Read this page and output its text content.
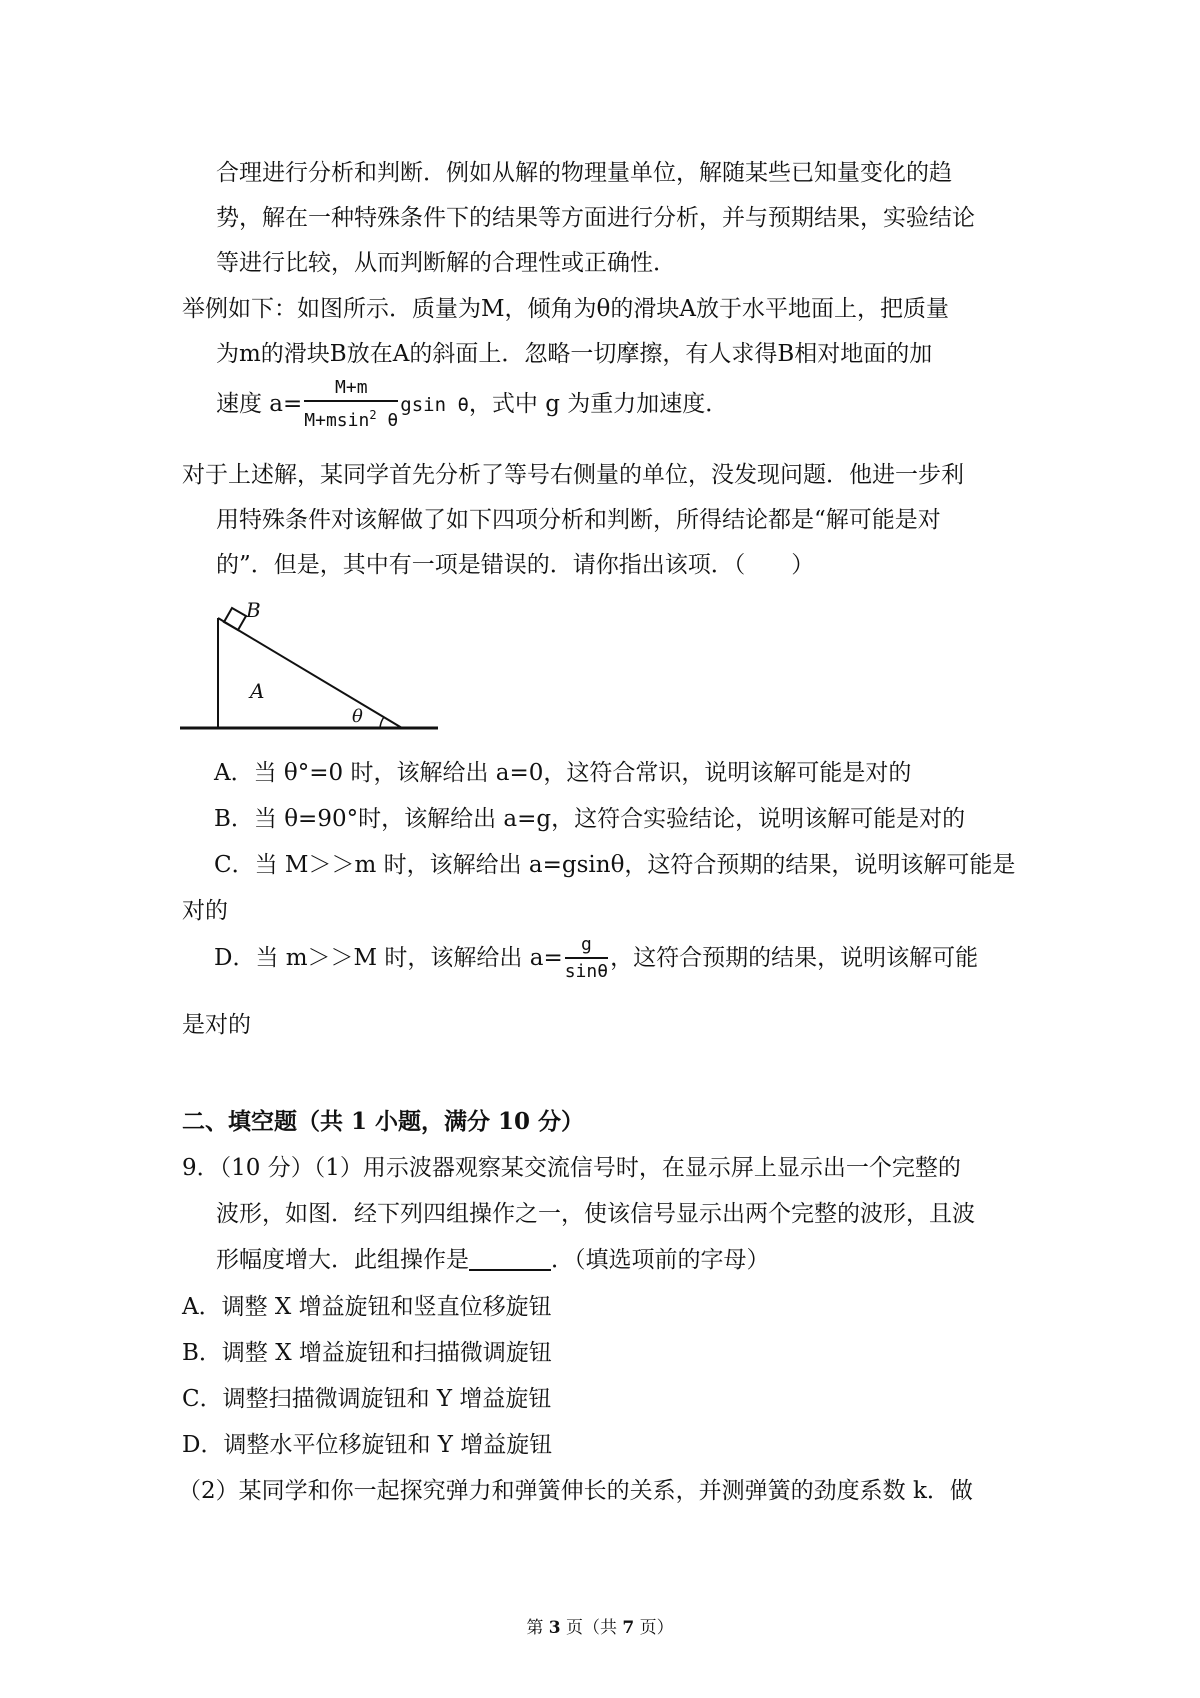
合理进行分析和判断．例如从解的物理量单位，解随某些已知量变化的趋
势，解在一种特殊条件下的结果等方面进行分析，并与预期结果，实验结论
等进行比较，从而判断解的合理性或正确性．
举例如下：如图所示．质量为M，倾角为θ的滑块A放于水平地面上，把质量
为m的滑块B放在A的斜面上．忽略一切摩擦，有人求得B相对地面的加
速度 $a= \frac{M+m}{M+msin^2 \theta}$ gsin θ，式中 g 为重力加速度．
对于上述解，某同学首先分析了等号右侧量的单位，没发现问题．他进一步利
用特殊条件对该解做了如下四项分析和判断，所得结论都是“解可能是对
的”．但是，其中有一项是错误的．请你指出该项．（　　）
B
A
θ
A．当 θ°=0 时，该解给出 a=0，这符合常识，说明该解可能是对的
B．当 θ=90°时，该解给出 a=g，这符合实验结论，说明该解可能是对的
C．当 M＞＞m 时，该解给出 a=gsinθ，这符合预期的结果，说明该解可能是
对的
D．当 m＞＞M 时，该解给出 $a= \frac{g}{\sin\theta}$ ，这符合预期的结果，说明该解可能
是对的
二、填空题（共 1 小题，满分 10 分）
9．（10 分）（1）用示波器观察某交流信号时，在显示屏上显示出一个完整的
波形，如图．经下列四组操作之一，使该信号显示出两个完整的波形，且波
形幅度增大．此组操作是	．（填选项前的字母）
A．调整 X 增益旋钮和竖直位移旋钮
B．调整 X 增益旋钮和扫描微调旋钮
C．调整扫描微调旋钮和 Y 增益旋钮
D．调整水平位移旋钮和 Y 增益旋钮
（2）某同学和你一起探究弹力和弹簧伸长的关系，并测弹簧的劲度系数 k．做
第 3 页（共 7 页）
